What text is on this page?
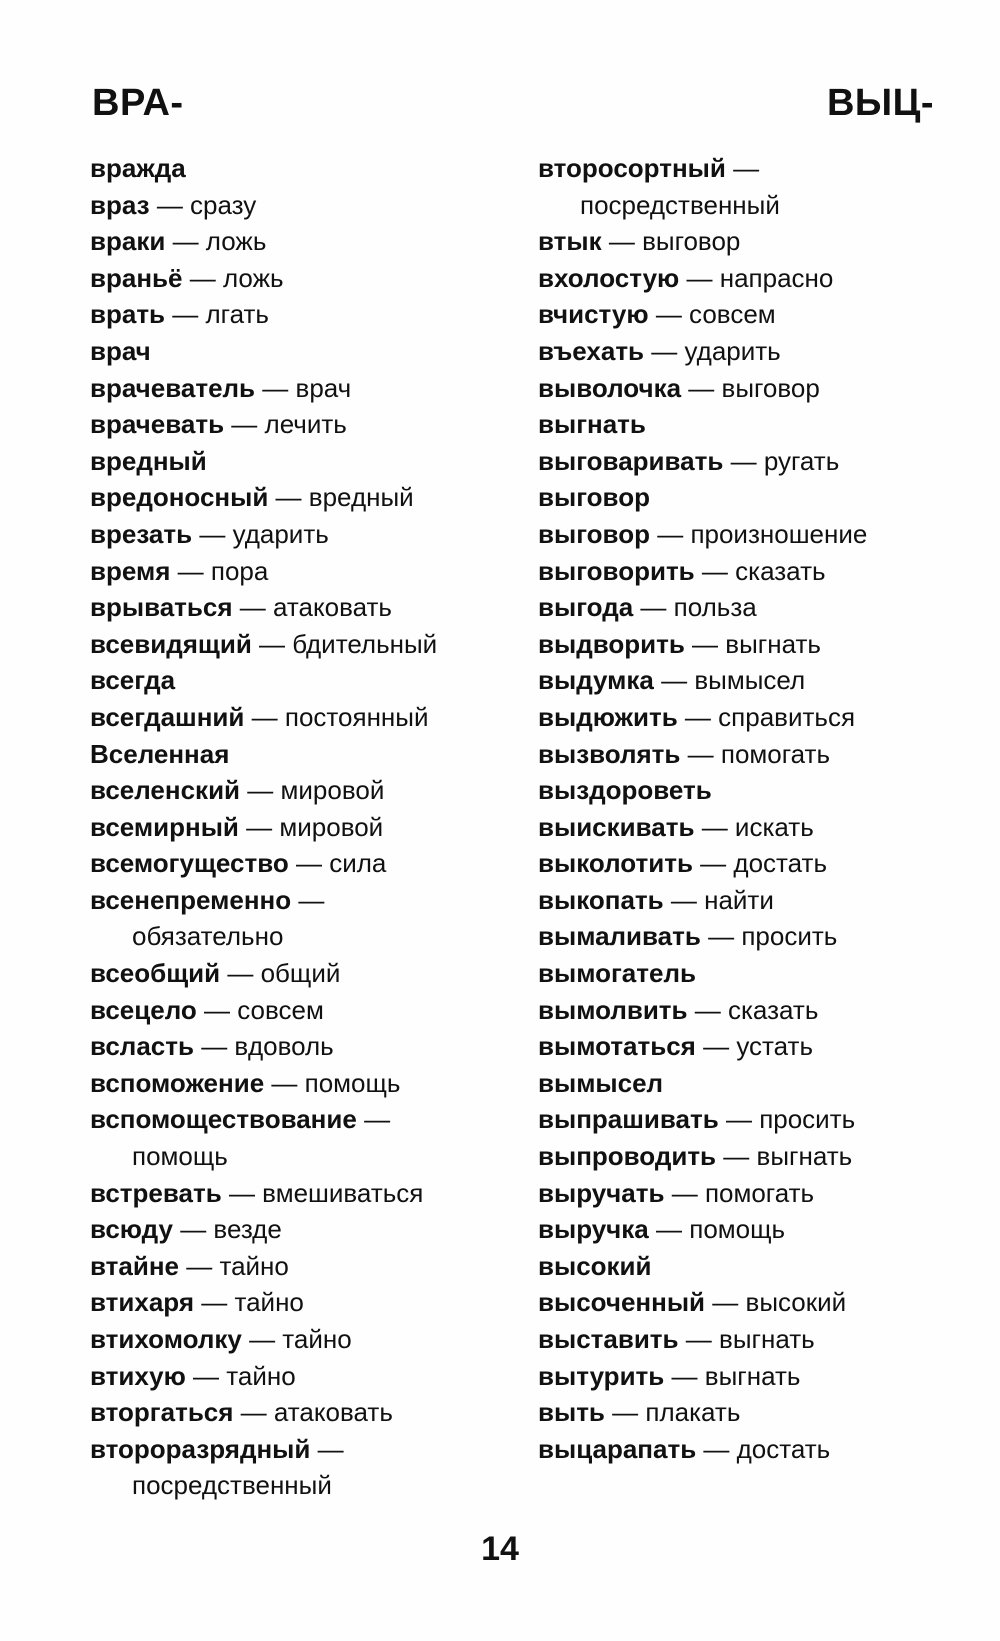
ВРА-	ВЫЦ-
вражда
враз — сразу
враки — ложь
враньё — ложь
врать — лгать
врач
врачеватель — врач
врачевать — лечить
вредный
вредоносный — вредный
врезать — ударить
время — пора
врываться — атаковать
всевидящий — бдительный
всегда
всегдашний — постоянный
Вселенная
вселенский — мировой
всемирный — мировой
всемогущество — сила
всенепременно —
обязательно
всеобщий — общий
всецело — совсем
всласть — вдоволь
вспоможение — помощь
вспомоществование —
помощь
встревать — вмешиваться
всюду — везде
втайне — тайно
втихаря — тайно
втихомолку — тайно
втихую — тайно
вторгаться — атаковать
второразрядный —
посредственный
второсортный —
посредственный
втык — выговор
вхолостую — напрасно
вчистую — совсем
въехать — ударить
выволочка — выговор
выгнать
выговаривать — ругать
выговор
выговор — произношение
выговорить — сказать
выгода — польза
выдворить — выгнать
выдумка — вымысел
выдюжить — справиться
вызволять — помогать
выздороветь
выискивать — искать
выколотить — достать
выкопать — найти
вымаливать — просить
вымогатель
вымолвить — сказать
вымотаться — устать
вымысел
выпрашивать — просить
выпроводить — выгнать
выручать — помогать
выручка — помощь
высокий
высоченный — высокий
выставить — выгнать
вытурить — выгнать
выть — плакать
выцарапать — достать
14
